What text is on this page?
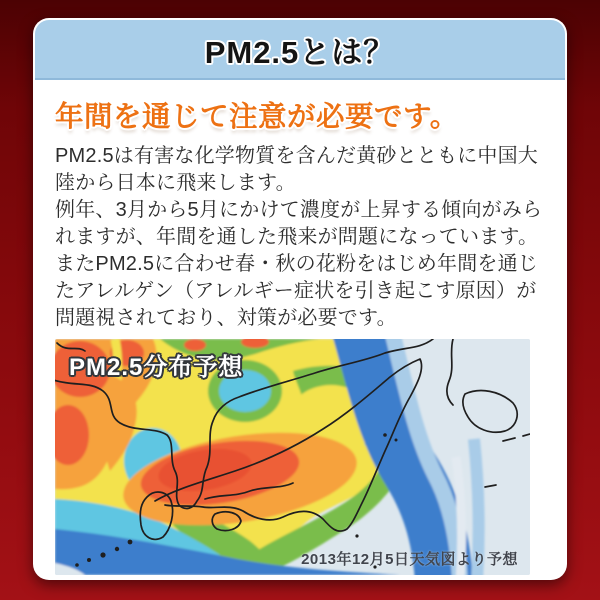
PM2.5とは？
年間を通じて注意が必要です。

PM2.5は有害な化学物質を含んだ黄砂とともに中国大陸から日本に飛来します。

例年、3月から5月にかけて濃度が上昇する傾向がみられますが、年間を通した飛来が問題になっています。またPM2.5に合わせ春・秋の花粉をはじめ年間を通じたアレルゲン（アレルギー症状を引き起こす原因）が問題視されており、対策が必要です。

PM2.5分布予想
2013年12月5日天気図より予想
